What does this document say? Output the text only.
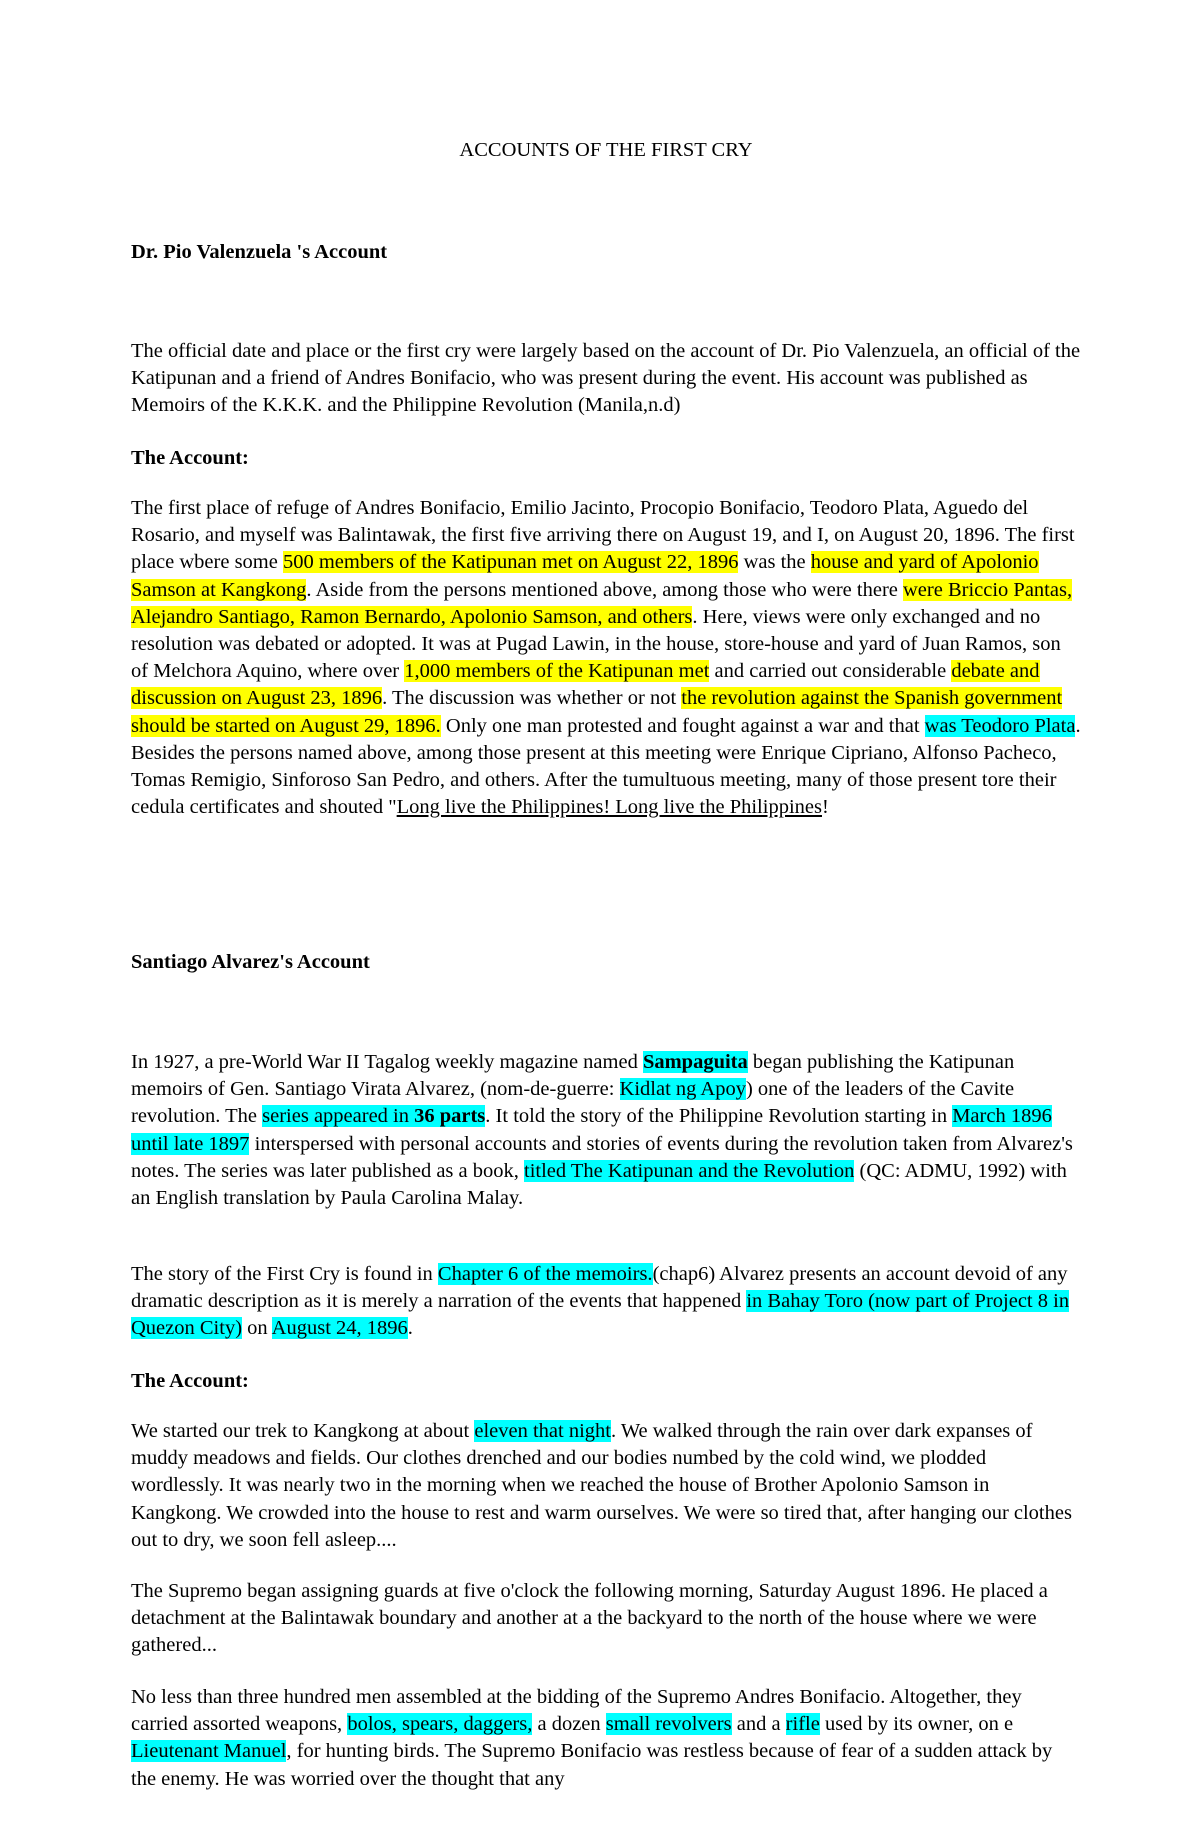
ACCOUNTS OF THE FIRST CRY
Dr. Pio Valenzuela 's Account

The official date and place or the first cry were largely based on the account of Dr. Pio Valenzuela, an official of the Katipunan and a friend of Andres Bonifacio, who was present during the event. His account was published as Memoirs of the K.K.K. and the Philippine Revolution (Manila,n.d)

The Account:

The first place of refuge of Andres Bonifacio, Emilio Jacinto, Procopio Bonifacio, Teodoro Plata, Aguedo del Rosario, and myself was Balintawak, the first five arriving there on August 19, and I, on August 20, 1896. The first place wbere some 500 members of the Katipunan met on August 22, 1896 was the house and yard of Apolonio Samson at Kangkong. Aside from the persons mentioned above, among those who were there were Briccio Pantas, Alejandro Santiago, Ramon Bernardo, Apolonio Samson, and others. Here, views were only exchanged and no resolution was debated or adopted. It was at Pugad Lawin, in the house, store-house and yard of Juan Ramos, son of Melchora Aquino, where over 1,000 members of the Katipunan met and carried out considerable debate and discussion on August 23, 1896. The discussion was whether or not the revolution against the Spanish government should be started on August 29, 1896. Only one man protested and fought against a war and that was Teodoro Plata. Besides the persons named above, among those present at this meeting were Enrique Cipriano, Alfonso Pacheco, Tomas Remigio, Sinforoso San Pedro, and others. After the tumultuous meeting, many of those present tore their cedula certificates and shouted "Long live the Philippines! Long live the Philippines!

Santiago Alvarez's Account

In 1927, a pre-World War II Tagalog weekly magazine named Sampaguita began publishing the Katipunan memoirs of Gen. Santiago Virata Alvarez, (nom-de-guerre: Kidlat ng Apoy) one of the leaders of the Cavite revolution. The series appeared in 36 parts. It told the story of the Philippine Revolution starting in March 1896 until late 1897 interspersed with personal accounts and stories of events during the revolution taken from Alvarez's notes. The series was later published as a book, titled The Katipunan and the Revolution (QC: ADMU, 1992) with an English translation by Paula Carolina Malay.

The story of the First Cry is found in Chapter 6 of the memoirs.(chap6) Alvarez presents an account devoid of any dramatic description as it is merely a narration of the events that happened in Bahay Toro (now part of Project 8 in Quezon City) on August 24, 1896.

The Account:

We started our trek to Kangkong at about eleven that night. We walked through the rain over dark expanses of muddy meadows and fields. Our clothes drenched and our bodies numbed by the cold wind, we plodded wordlessly. It was nearly two in the morning when we reached the house of Brother Apolonio Samson in Kangkong. We crowded into the house to rest and warm ourselves. We were so tired that, after hanging our clothes out to dry, we soon fell asleep....

The Supremo began assigning guards at five o'clock the following morning, Saturday August 1896. He placed a detachment at the Balintawak boundary and another at a the backyard to the north of the house where we were gathered...

No less than three hundred men assembled at the bidding of the Supremo Andres Bonifacio. Altogether, they carried assorted weapons, bolos, spears, daggers, a dozen small revolvers and a rifle used by its owner, on e Lieutenant Manuel, for hunting birds. The Supremo Bonifacio was restless because of fear of a sudden attack by the enemy. He was worried over the thought that any
